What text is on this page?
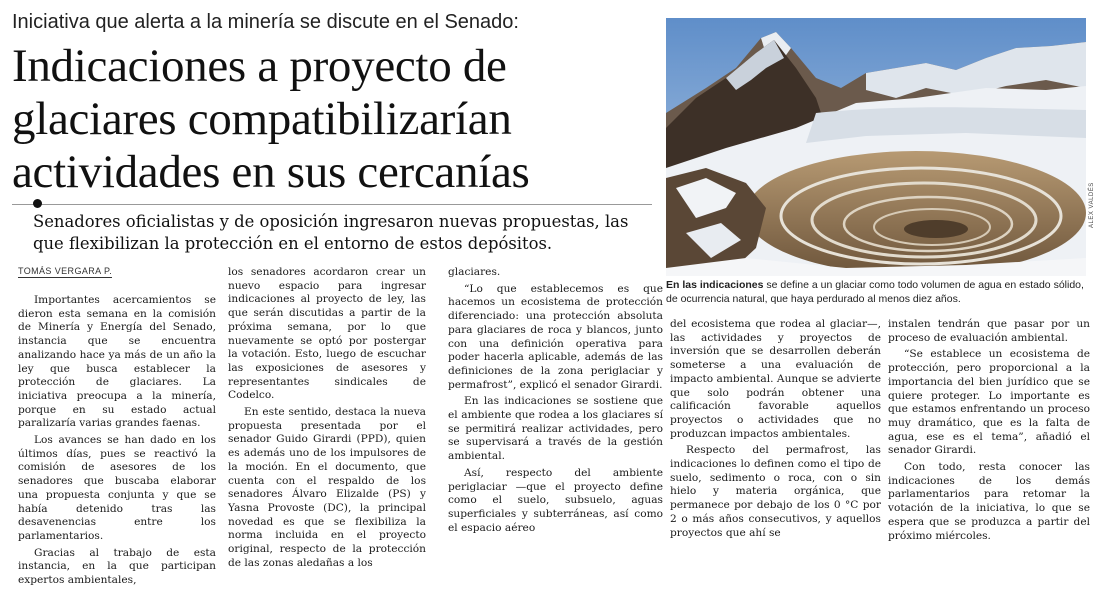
Iniciativa que alerta a la minería se discute en el Senado:
Indicaciones a proyecto de glaciares compatibilizarían actividades en sus cercanías
Senadores oficialistas y de oposición ingresaron nuevas propuestas, las que flexibilizan la protección en el entorno de estos depósitos.
TOMÁS VERGARA P.

Importantes acercamientos se dieron esta semana en la comisión de Minería y Energía del Senado, instancia que se encuentra analizando hace ya más de un año la ley que busca establecer la protección de glaciares. La iniciativa preocupa a la minería, porque en su estado actual paralizaría varias grandes faenas.

Los avances se han dado en los últimos días, pues se reactivó la comisión de asesores de los senadores que buscaba elaborar una propuesta conjunta y que se había detenido tras las desavenencias entre los parlamentarios.

Gracias al trabajo de esta instancia, en la que participan expertos ambientales,

los senadores acordaron crear un nuevo espacio para ingresar indicaciones al proyecto de ley, las que serán discutidas a partir de la próxima semana, por lo que nuevamente se optó por postergar la votación. Esto, luego de escuchar las exposiciones de asesores y representantes sindicales de Codelco.

En este sentido, destaca la nueva propuesta presentada por el senador Guido Girardi (PPD), quien es además uno de los impulsores de la moción. En el documento, que cuenta con el respaldo de los senadores Álvaro Elizalde (PS) y Yasna Provoste (DC), la principal novedad es que se flexibiliza la norma incluida en el proyecto original, respecto de la protección de las zonas aledañas a los

glaciares.

“Lo que establecemos es que hacemos un ecosistema de protección diferenciado: una protección absoluta para glaciares de roca y blancos, junto con una definición operativa para poder hacerla aplicable, además de las definiciones de la zona periglaciar y permafrost”, explicó el senador Girardi.

En las indicaciones se sostiene que el ambiente que rodea a los glaciares sí se permitirá realizar actividades, pero se supervisará a través de la gestión ambiental.

Así, respecto del ambiente periglaciar —que el proyecto define como el suelo, subsuelo, aguas superficiales y subterráneas, así como el espacio aéreo

del ecosistema que rodea al glaciar—, las actividades y proyectos de inversión que se desarrollen deberán someterse a una evaluación de impacto ambiental. Aunque se advierte que solo podrán obtener una calificación favorable aquellos proyectos o actividades que no produzcan impactos ambientales.

Respecto del permafrost, las indicaciones lo definen como el tipo de suelo, sedimento o roca, con o sin hielo y materia orgánica, que permanece por debajo de los 0 °C por 2 o más años consecutivos, y aquellos proyectos que ahí se

instalen tendrán que pasar por un proceso de evaluación ambiental.

“Se establece un ecosistema de protección, pero proporcional a la importancia del bien jurídico que se quiere proteger. Lo importante es que estamos enfrentando un proceso muy dramático, que es la falta de agua, ese es el tema”, añadió el senador Girardi.

Con todo, resta conocer las indicaciones de los demás parlamentarios para retomar la votación de la iniciativa, lo que se espera que se produzca a partir del próximo miércoles.

ALEX VALDÉS
En las indicaciones se define a un glaciar como todo volumen de agua en estado sólido, de ocurrencia natural, que haya perdurado al menos diez años.
